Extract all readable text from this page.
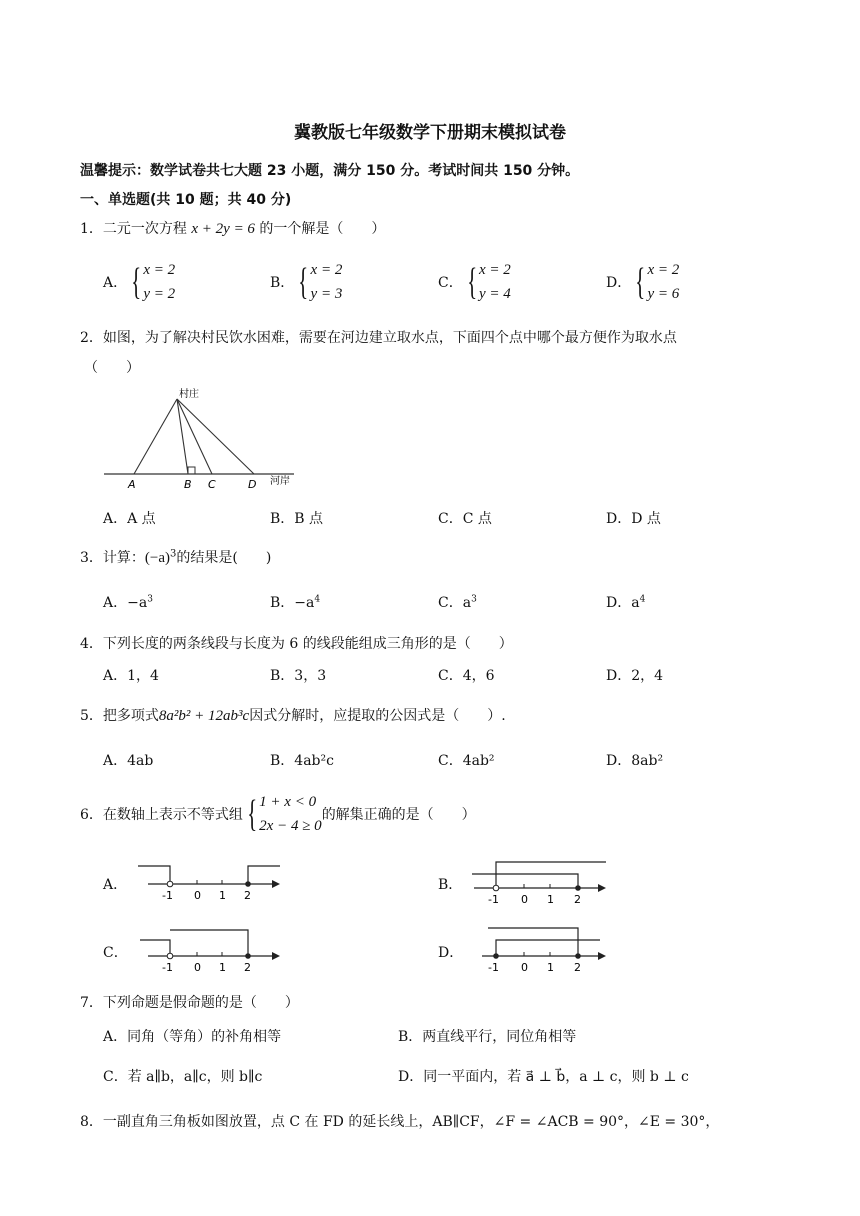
冀教版七年级数学下册期末模拟试卷
温馨提示：数学试卷共七大题 23 小题，满分 150 分。考试时间共 150 分钟。
一、单选题(共 10 题；共 40 分)
1．二元一次方程 x + 2y = 6 的一个解是（　　）
A． { x = 2
y = 2
B． { x = 2
y = 3
C． { x = 2
y = 4
D． { x = 2
y = 6
2．如图，为了解决村民饮水困难，需要在河边建立取水点，下面四个点中哪个最方便作为取水点
（　　）
村庄
河岸
A	B C	D
A．A 点	B．B 点	C．C 点	D．D 点
3．计算：$(-a)^3$的结果是(　　)
A．$-a^3$	B．$-a^4$	C．$a^3$	D．$a^4$
4．下列长度的两条线段与长度为 6 的线段能组成三角形的是（　　）
A．1，4	B．3，3	C．4，6	D．2，4
5．把多项式8a²b² + 12ab³c因式分解时，应提取的公因式是（　　）.
A．4ab	B．4ab²c	C．4ab²	D．8ab²
6．在数轴上表示不等式组 { 1 + x < 0
2x − 4 ≥ 0
的解集正确的是（　　）
A．
-1 0 1 2
B．
-1 0 1 2
C．
-1 0 1 2
D．
-1 0 1 2
7．下列命题是假命题的是（　　）
A．同角（等角）的补角相等	B．两直线平行，同位角相等
C．若 a∥b，a∥c，则 b∥c	D．同一平面内，若 a⃗ ⊥ b⃗，a ⊥ c，则 b ⊥ c
8．一副直角三角板如图放置，点 C 在 FD 的延长线上，AB∥CF，∠F = ∠ACB = 90°，∠E = 30°，
